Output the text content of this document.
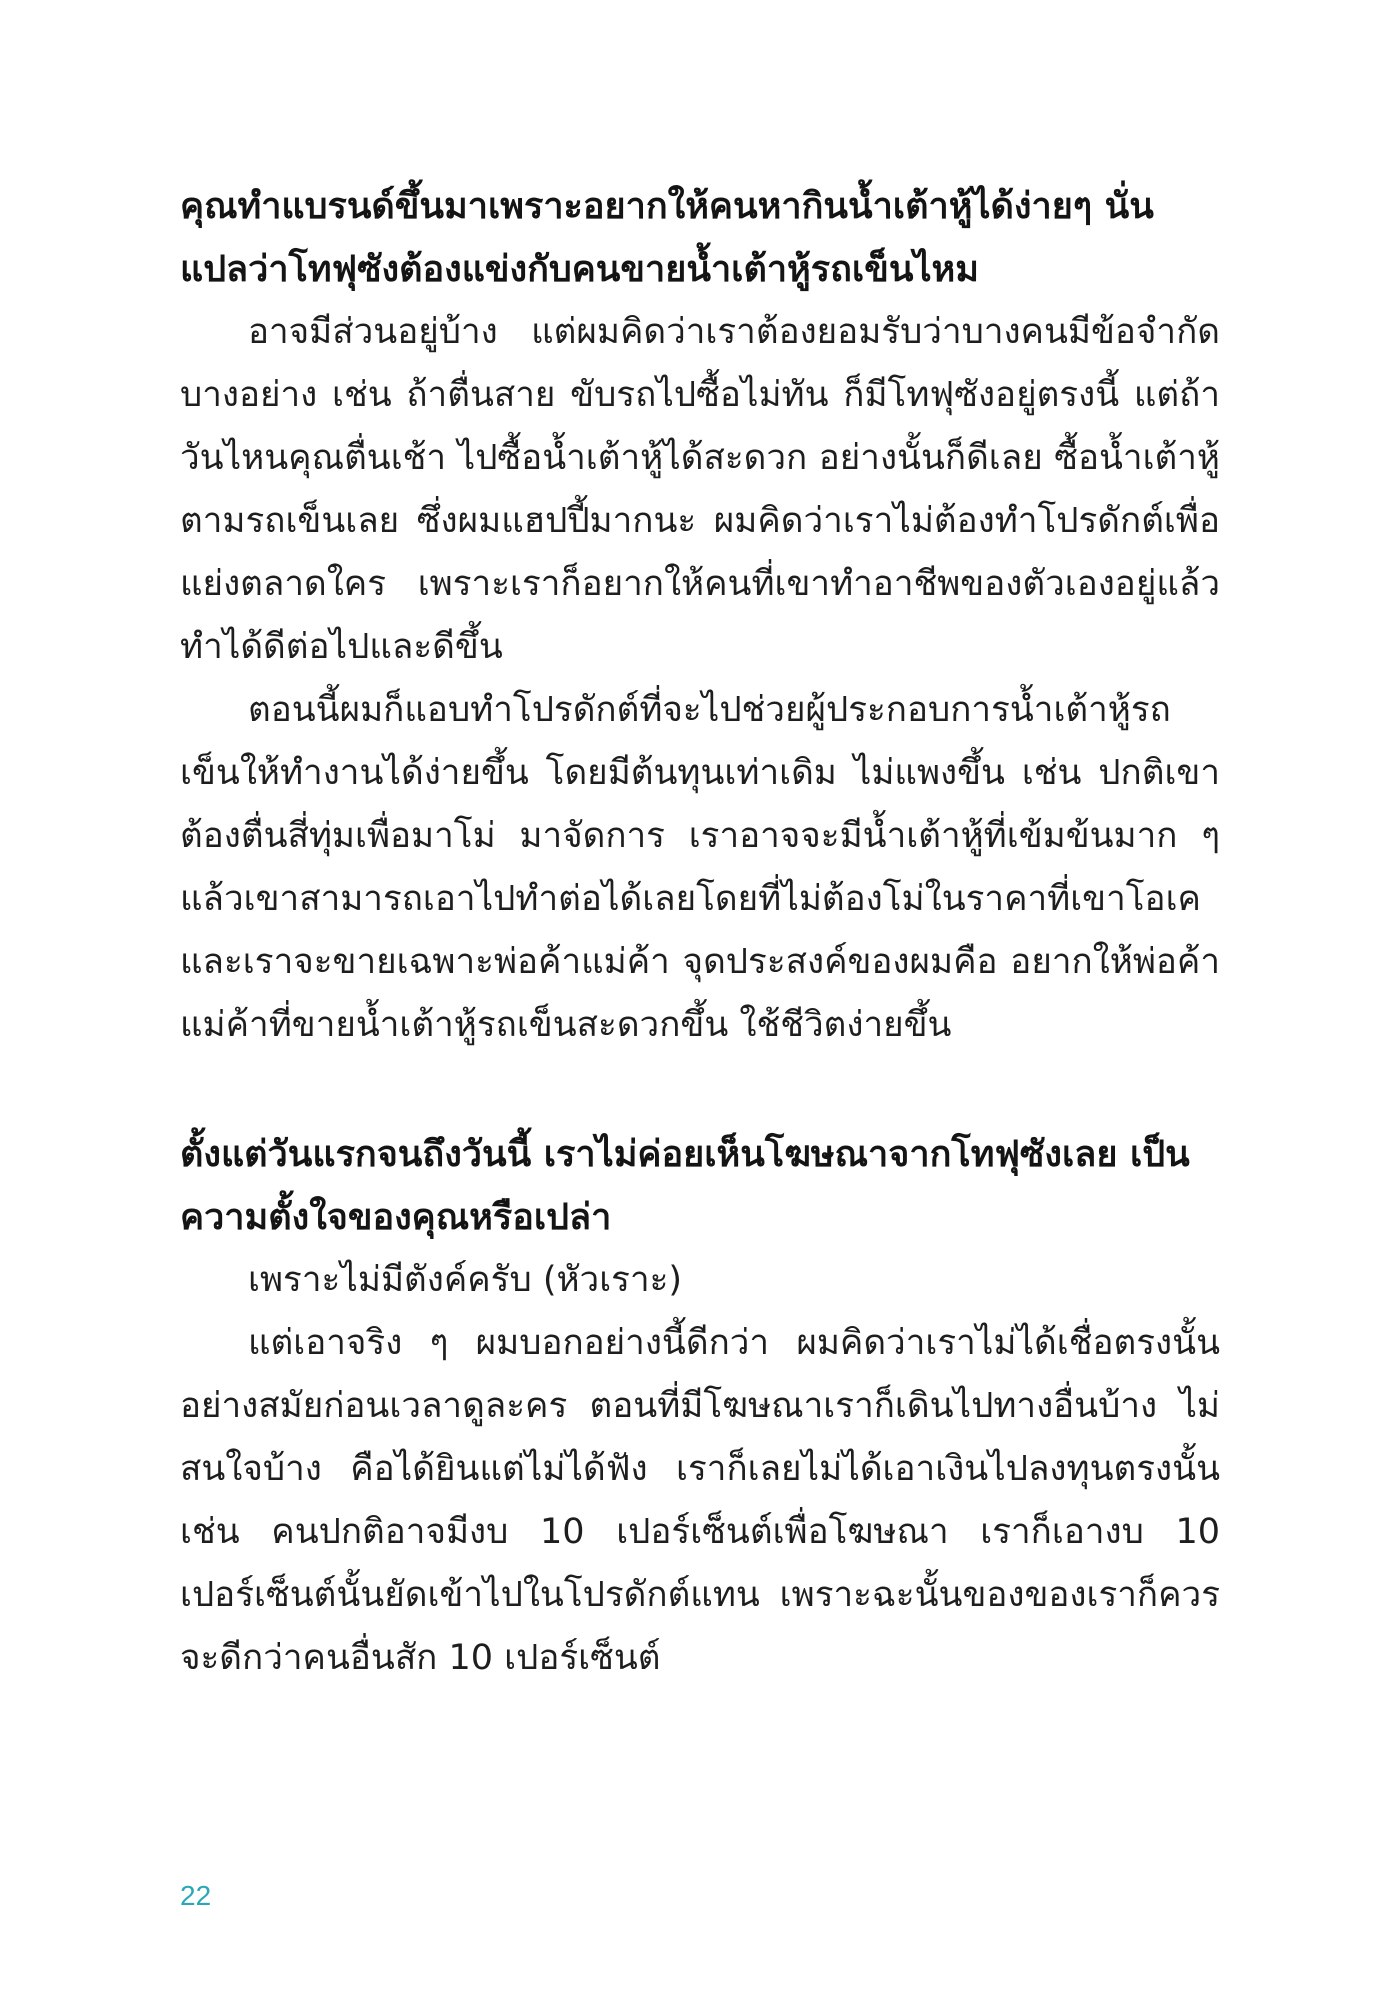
คุณทำแบรนด์ขึ้นมาเพราะอยากให้คนหากินน้ำเต้าหู้ได้ง่ายๆ นั่นแปลว่าโทฟุซังต้องแข่งกับคนขายน้ำเต้าหู้รถเข็นไหม

อาจมีส่วนอยู่บ้าง แต่ผมคิดว่าเราต้องยอมรับว่าบางคนมีข้อจำกัดบางอย่าง เช่น ถ้าตื่นสาย ขับรถไปซื้อไม่ทัน ก็มีโทฟุซังอยู่ตรงนี้ แต่ถ้าวันไหนคุณตื่นเช้า ไปซื้อน้ำเต้าหู้ได้สะดวก อย่างนั้นก็ดีเลย ซื้อน้ำเต้าหู้ตามรถเข็นเลย ซึ่งผมแฮปปี้มากนะ ผมคิดว่าเราไม่ต้องทำโปรดักต์เพื่อแย่งตลาดใคร เพราะเราก็อยากให้คนที่เขาทำอาชีพของตัวเองอยู่แล้วทำได้ดีต่อไปและดีขึ้น

ตอนนี้ผมก็แอบทำโปรดักต์ที่จะไปช่วยผู้ประกอบการน้ำเต้าหู้รถเข็นให้ทำงานได้ง่ายขึ้น โดยมีต้นทุนเท่าเดิม ไม่แพงขึ้น เช่น ปกติเขาต้องตื่นสี่ทุ่มเพื่อมาโม่ มาจัดการ เราอาจจะมีน้ำเต้าหู้ที่เข้มข้นมาก ๆ แล้วเขาสามารถเอาไปทำต่อได้เลยโดยที่ไม่ต้องโม่ในราคาที่เขาโอเค และเราจะขายเฉพาะพ่อค้าแม่ค้า จุดประสงค์ของผมคือ อยากให้พ่อค้าแม่ค้าที่ขายน้ำเต้าหู้รถเข็นสะดวกขึ้น ใช้ชีวิตง่ายขึ้น

ตั้งแต่วันแรกจนถึงวันนี้ เราไม่ค่อยเห็นโฆษณาจากโทฟุซังเลย เป็นความตั้งใจของคุณหรือเปล่า

เพราะไม่มีตังค์ครับ (หัวเราะ)

แต่เอาจริง ๆ ผมบอกอย่างนี้ดีกว่า ผมคิดว่าเราไม่ได้เชื่อตรงนั้น อย่างสมัยก่อนเวลาดูละคร ตอนที่มีโฆษณาเราก็เดินไปทางอื่นบ้าง ไม่สนใจบ้าง คือได้ยินแต่ไม่ได้ฟัง เราก็เลยไม่ได้เอาเงินไปลงทุนตรงนั้น เช่น คนปกติอาจมีงบ 10 เปอร์เซ็นต์เพื่อโฆษณา เราก็เอางบ 10 เปอร์เซ็นต์นั้นยัดเข้าไปในโปรดักต์แทน เพราะฉะนั้นของของเราก็ควรจะดีกว่าคนอื่นสัก 10 เปอร์เซ็นต์

22
